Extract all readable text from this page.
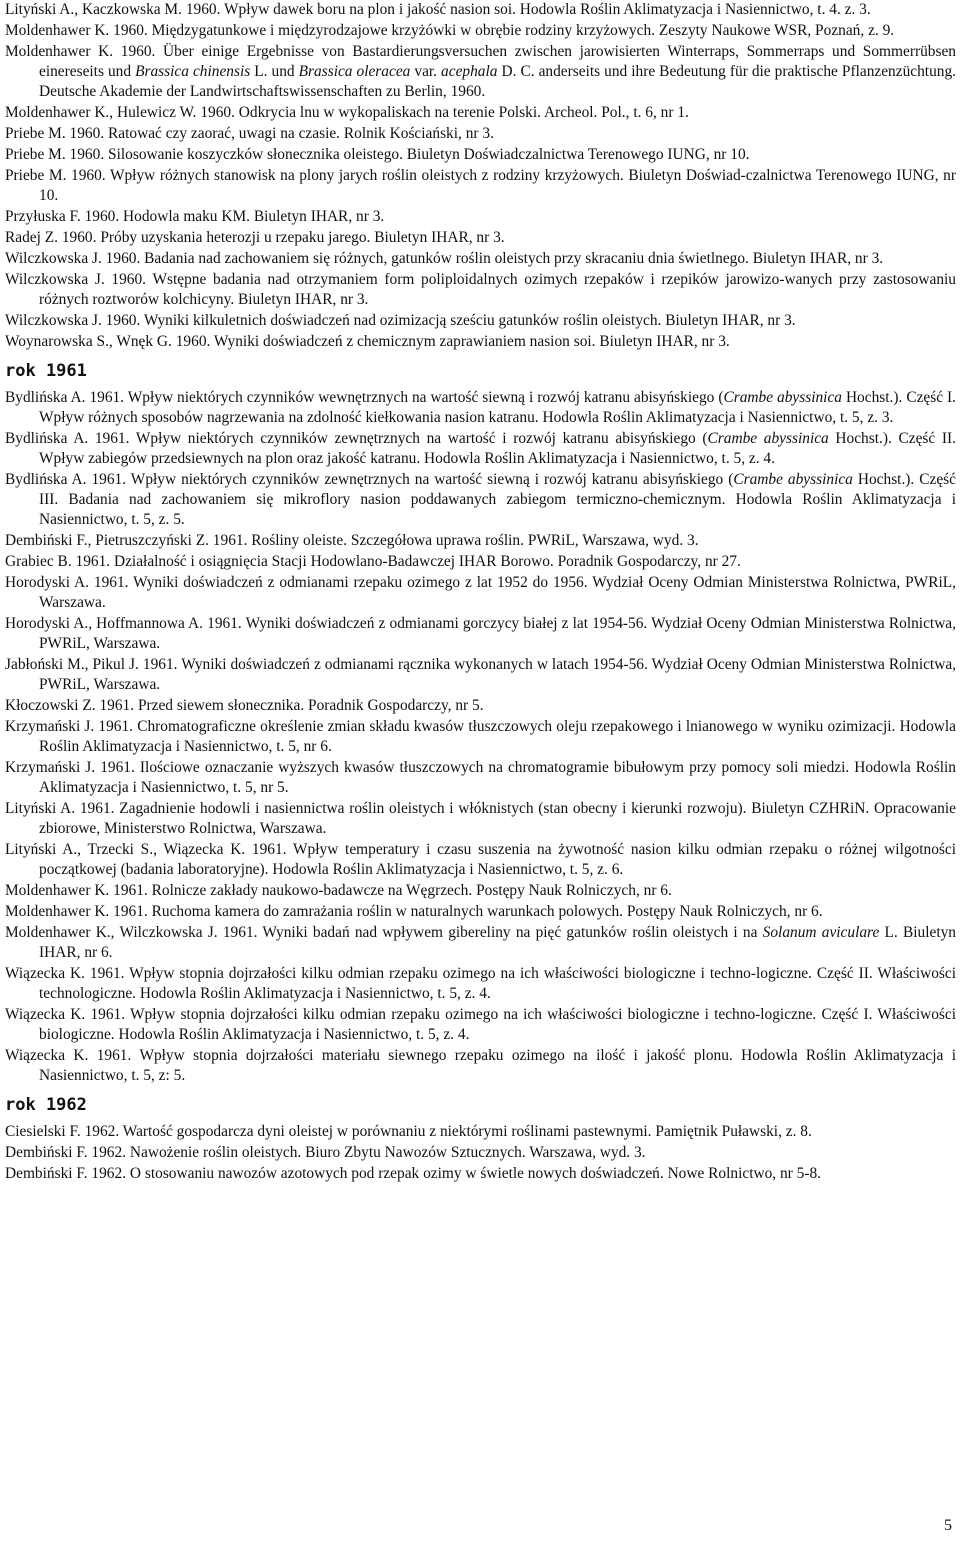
Lityński A., Kaczkowska M. 1960. Wpływ dawek boru na plon i jakość nasion soi. Hodowla Roślin Aklimatyzacja i Nasiennictwo, t. 4. z. 3.
Moldenhawer K. 1960. Międzygatunkowe i międzyrodzajowe krzyżówki w obrębie rodziny krzyżowych. Zeszyty Naukowe WSR, Poznań, z. 9.
Moldenhawer K. 1960. Über einige Ergebnisse von Bastardierungsversuchen zwischen jarowisierten Winterraps, Sommerraps und Sommerrübsen einereseits und Brassica chinensis L. und Brassica oleracea var. acephala D. C. anderseits und ihre Bedeutung für die praktische Pflanzenzüchtung. Deutsche Akademie der Landwirtschaftswissenschaften zu Berlin, 1960.
Moldenhawer K., Hulewicz W. 1960. Odkrycia lnu w wykopaliskach na terenie Polski. Archeol. Pol., t. 6, nr 1.
Priebe M. 1960. Ratować czy zaorać, uwagi na czasie. Rolnik Kościański, nr 3.
Priebe M. 1960. Silosowanie koszyczków słonecznika oleistego. Biuletyn Doświadczalnictwa Terenowego IUNG, nr 10.
Priebe M. 1960. Wpływ różnych stanowisk na plony jarych roślin oleistych z rodziny krzyżowych. Biuletyn Doświad-czalnictwa Terenowego IUNG, nr 10.
Przyłuska F. 1960. Hodowla maku KM. Biuletyn IHAR, nr 3.
Radej Z. 1960. Próby uzyskania heterozji u rzepaku jarego. Biuletyn IHAR, nr 3.
Wilczkowska J. 1960. Badania nad zachowaniem się różnych, gatunków roślin oleistych przy skracaniu dnia świetlnego. Biuletyn IHAR, nr 3.
Wilczkowska J. 1960. Wstępne badania nad otrzymaniem form poliploidalnych ozimych rzepaków i rzepików jarowizo-wanych przy zastosowaniu różnych roztworów kolchicyny. Biuletyn IHAR, nr 3.
Wilczkowska J. 1960. Wyniki kilkuletnich doświadczeń nad ozimizacją sześciu gatunków roślin oleistych. Biuletyn IHAR, nr 3.
Woynarowska S., Wnęk G. 1960. Wyniki doświadczeń z chemicznym zaprawianiem nasion soi. Biuletyn IHAR, nr 3.
rok 1961
Bydlińska A. 1961. Wpływ niektórych czynników wewnętrznych na wartość siewną i rozwój katranu abisyńskiego (Crambe abyssinica Hochst.). Część I. Wpływ różnych sposobów nagrzewania na zdolność kiełkowania nasion katranu. Hodowla Roślin Aklimatyzacja i Nasiennictwo, t. 5, z. 3.
Bydlińska A. 1961. Wpływ niektórych czynników zewnętrznych na wartość i rozwój katranu abisyńskiego (Crambe abyssinica Hochst.). Część II. Wpływ zabiegów przedsiewnych na plon oraz jakość katranu. Hodowla Roślin Aklimatyzacja i Nasiennictwo, t. 5, z. 4.
Bydlińska A. 1961. Wpływ niektórych czynników zewnętrznych na wartość siewną i rozwój katranu abisyńskiego (Crambe abyssinica Hochst.). Część III. Badania nad zachowaniem się mikroflory nasion poddawanych zabiegom termiczno-chemicznym. Hodowla Roślin Aklimatyzacja i Nasiennictwo, t. 5, z. 5.
Dembiński F., Pietruszczyński Z. 1961. Rośliny oleiste. Szczegółowa uprawa roślin. PWRiL, Warszawa, wyd. 3.
Grabiec B. 1961. Działalność i osiągnięcia Stacji Hodowlano-Badawczej IHAR Borowo. Poradnik Gospodarczy, nr 27.
Horodyski A. 1961. Wyniki doświadczeń z odmianami rzepaku ozimego z lat 1952 do 1956. Wydział Oceny Odmian Ministerstwa Rolnictwa, PWRiL, Warszawa.
Horodyski A., Hoffmannowa A. 1961. Wyniki doświadczeń z odmianami gorczycy białej z lat 1954-56. Wydział Oceny Odmian Ministerstwa Rolnictwa, PWRiL, Warszawa.
Jabłoński M., Pikul J. 1961. Wyniki doświadczeń z odmianami rącznika wykonanych w latach 1954-56. Wydział Oceny Odmian Ministerstwa Rolnictwa, PWRiL, Warszawa.
Kłoczowski Z. 1961. Przed siewem słonecznika. Poradnik Gospodarczy, nr 5.
Krzymański J. 1961. Chromatograficzne określenie zmian składu kwasów tłuszczowych oleju rzepakowego i lnianowego w wyniku ozimizacji. Hodowla Roślin Aklimatyzacja i Nasiennictwo, t. 5, nr 6.
Krzymański J. 1961. Ilościowe oznaczanie wyższych kwasów tłuszczowych na chromatogramie bibułowym przy pomocy soli miedzi. Hodowla Roślin Aklimatyzacja i Nasiennictwo, t. 5, nr 5.
Lityński A. 1961. Zagadnienie hodowli i nasiennictwa roślin oleistych i włóknistych (stan obecny i kierunki rozwoju). Biuletyn CZHRiN. Opracowanie zbiorowe, Ministerstwo Rolnictwa, Warszawa.
Lityński A., Trzecki S., Wiązecka K. 1961. Wpływ temperatury i czasu suszenia na żywotność nasion kilku odmian rzepaku o różnej wilgotności początkowej (badania laboratoryjne). Hodowla Roślin Aklimatyzacja i Nasiennictwo, t. 5, z. 6.
Moldenhawer K. 1961. Rolnicze zakłady naukowo-badawcze na Węgrzech. Postępy Nauk Rolniczych, nr 6.
Moldenhawer K. 1961. Ruchoma kamera do zamrażania roślin w naturalnych warunkach polowych. Postępy Nauk Rolniczych, nr 6.
Moldenhawer K., Wilczkowska J. 1961. Wyniki badań nad wpływem gibereliny na pięć gatunków roślin oleistych i na Solanum aviculare L. Biuletyn IHAR, nr 6.
Wiązecka K. 1961. Wpływ stopnia dojrzałości kilku odmian rzepaku ozimego na ich właściwości biologiczne i techno-logiczne. Część II. Właściwości technologiczne. Hodowla Roślin Aklimatyzacja i Nasiennictwo, t. 5, z. 4.
Wiązecka K. 1961. Wpływ stopnia dojrzałości kilku odmian rzepaku ozimego na ich właściwości biologiczne i techno-logiczne. Część I. Właściwości biologiczne. Hodowla Roślin Aklimatyzacja i Nasiennictwo, t. 5, z. 4.
Wiązecka K. 1961. Wpływ stopnia dojrzałości materiału siewnego rzepaku ozimego na ilość i jakość plonu. Hodowla Roślin Aklimatyzacja i Nasiennictwo, t. 5, z: 5.
rok 1962
Ciesielski F. 1962. Wartość gospodarcza dyni oleistej w porównaniu z niektórymi roślinami pastewnymi. Pamiętnik Puławski, z. 8.
Dembiński F. 1962. Nawożenie roślin oleistych. Biuro Zbytu Nawozów Sztucznych. Warszawa, wyd. 3.
Dembiński F. 1962. O stosowaniu nawozów azotowych pod rzepak ozimy w świetle nowych doświadczeń. Nowe Rolnictwo, nr 5-8.
5
